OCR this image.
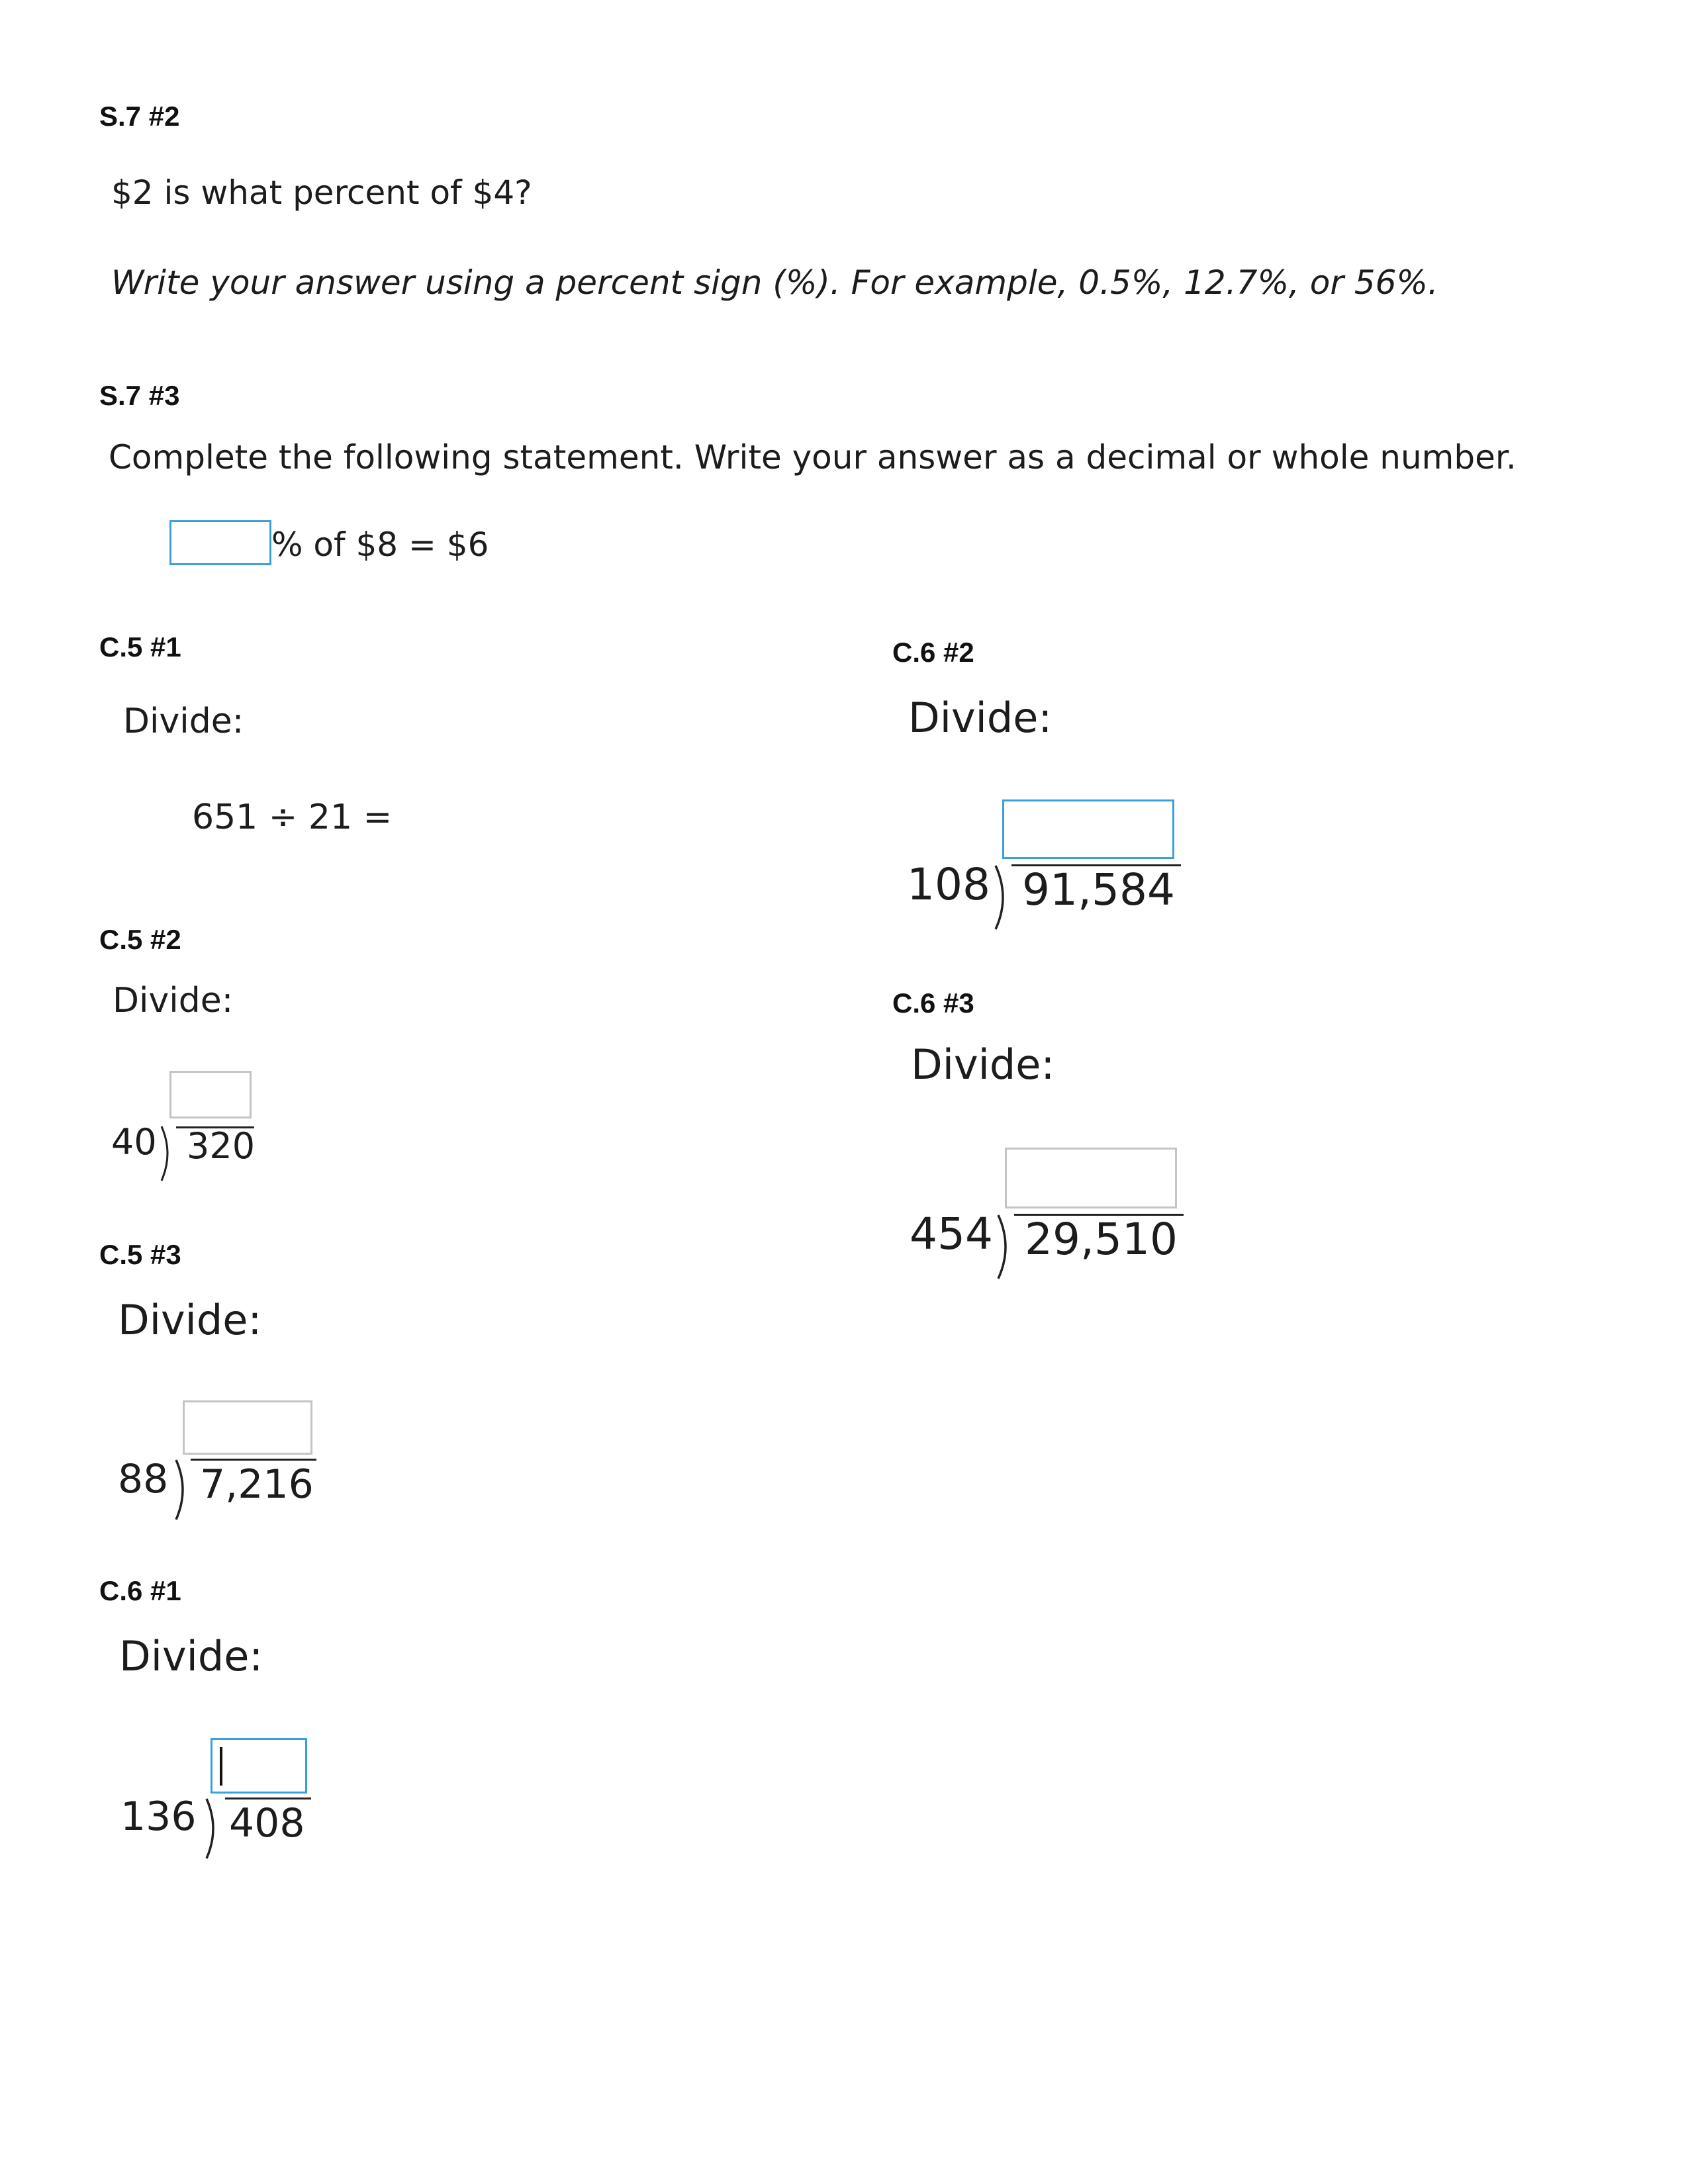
S.7 #2
$2 is what percent of $4?
Write your answer using a percent sign (%). For example, 0.5%, 12.7%, or 56%.
S.7 #3
Complete the following statement. Write your answer as a decimal or whole number.
% of $8 = $6
C.5 #1
Divide:
651 ÷ 21 =
C.5 #2
Divide:
40 320
C.5 #3
Divide:
88 7,216
C.6 #1
Divide:
136 408
C.6 #2
Divide:
108 91,584
C.6 #3
Divide:
454 29,510
